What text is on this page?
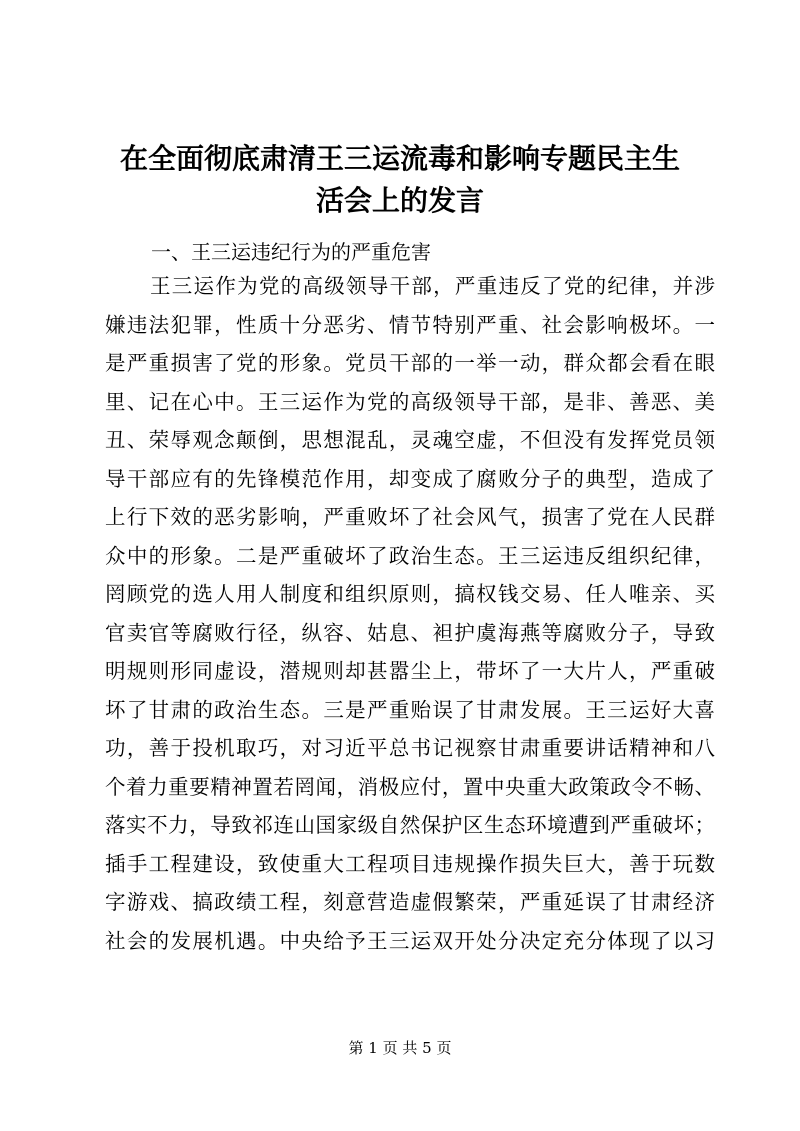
在全面彻底肃清王三运流毒和影响专题民主生
活会上的发言

一、王三运违纪行为的严重危害

王三运作为党的高级领导干部，严重违反了党的纪律，并涉
嫌违法犯罪，性质十分恶劣、情节特别严重、社会影响极坏。一
是严重损害了党的形象。党员干部的一举一动，群众都会看在眼
里、记在心中。王三运作为党的高级领导干部，是非、善恶、美
丑、荣辱观念颠倒，思想混乱，灵魂空虚，不但没有发挥党员领
导干部应有的先锋模范作用，却变成了腐败分子的典型，造成了
上行下效的恶劣影响，严重败坏了社会风气，损害了党在人民群
众中的形象。二是严重破坏了政治生态。王三运违反组织纪律，
罔顾党的选人用人制度和组织原则，搞权钱交易、任人唯亲、买
官卖官等腐败行径，纵容、姑息、袒护虞海燕等腐败分子，导致
明规则形同虚设，潜规则却甚嚣尘上，带坏了一大片人，严重破
坏了甘肃的政治生态。三是严重贻误了甘肃发展。王三运好大喜
功，善于投机取巧，对习近平总书记视察甘肃重要讲话精神和八
个着力重要精神置若罔闻，消极应付，置中央重大政策政令不畅、
落实不力，导致祁连山国家级自然保护区生态环境遭到严重破坏；
插手工程建设，致使重大工程项目违规操作损失巨大，善于玩数
字游戏、搞政绩工程，刻意营造虚假繁荣，严重延误了甘肃经济
社会的发展机遇。中央给予王三运双开处分决定充分体现了以习
第 1 页 共 5 页
